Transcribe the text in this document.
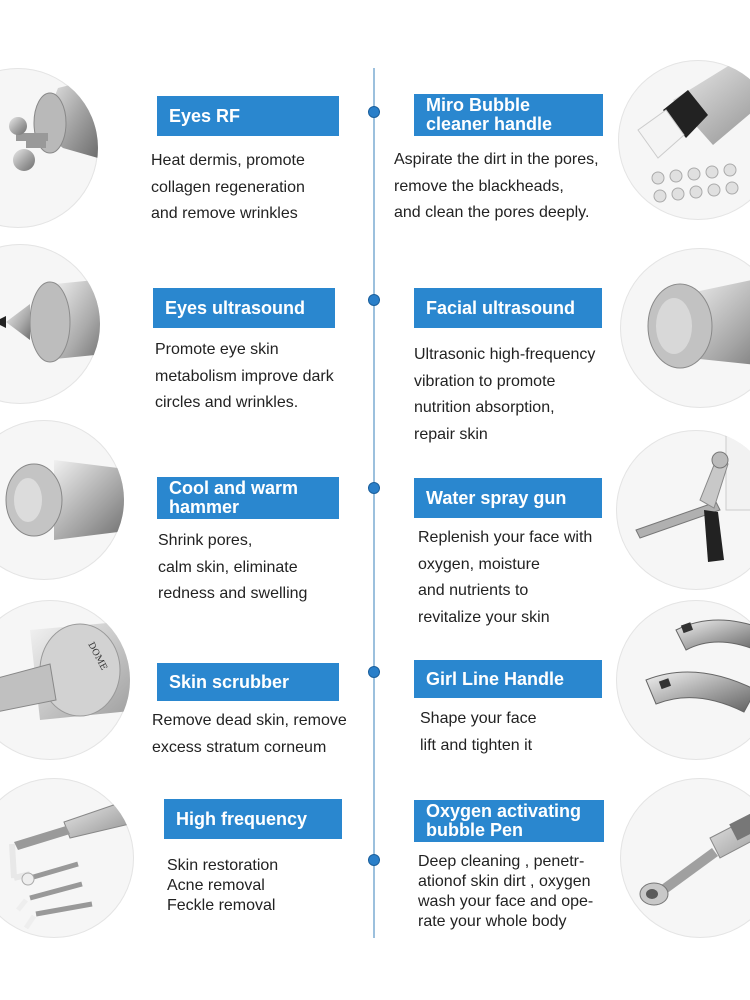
Eyes RF
Heat dermis, promote
collagen regeneration
and remove wrinkles
Miro Bubble
cleaner handle
Aspirate the dirt in the pores,
remove the blackheads,
and clean the pores deeply.
Eyes ultrasound
Promote eye skin
metabolism improve dark
circles and wrinkles.
Facial ultrasound
Ultrasonic high-frequency
vibration to promote
nutrition absorption,
repair skin
Cool and warm
hammer
Shrink pores,
calm skin, eliminate
redness and swelling
Water spray gun
Replenish your face with
oxygen, moisture
and nutrients to
revitalize your skin
DOME
Skin scrubber
Remove dead skin, remove
excess stratum corneum
Girl Line Handle
Shape your face
lift and tighten it
High frequency
Skin restoration
Acne removal
Feckle removal
Oxygen activating
bubble Pen
Deep cleaning , penetr-
ationof skin dirt , oxygen
wash your face and ope-
rate your whole body
